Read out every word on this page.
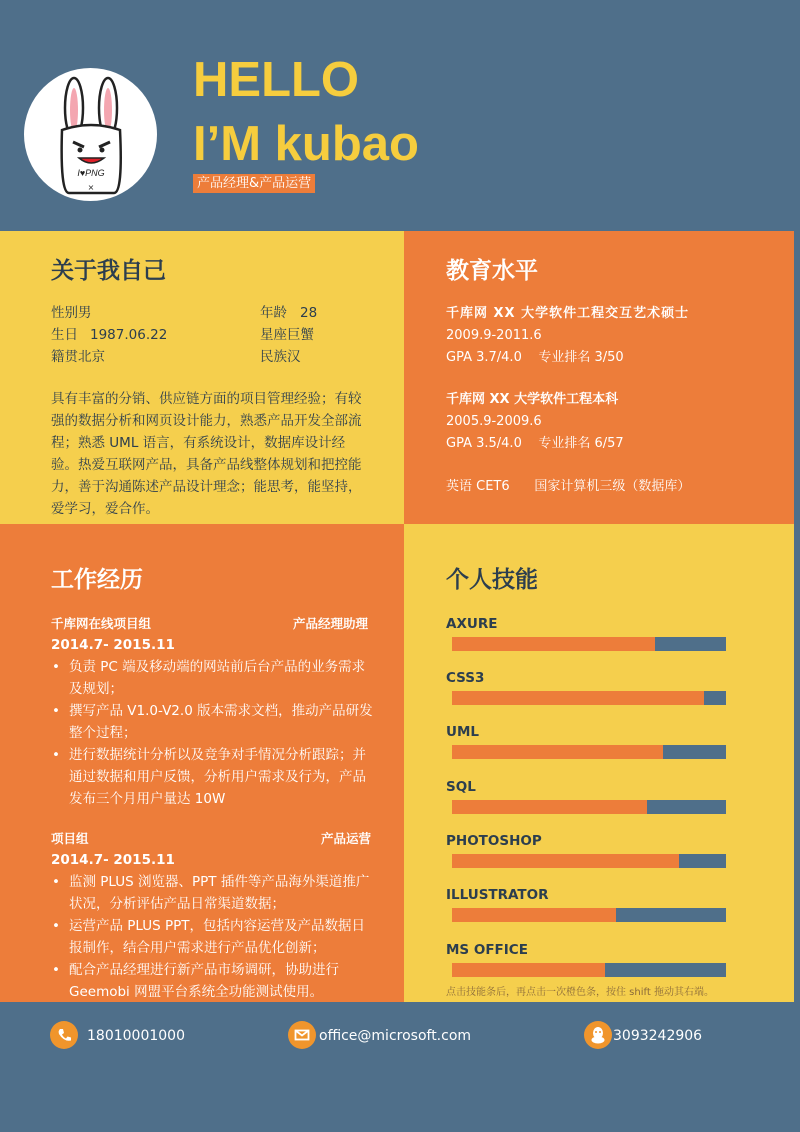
I♥PNG
×
HELLO
I’M kubao
产品经理&产品运营
关于我自己
性别男	年龄 28
生日 1987.06.22	星座巨蟹
籍贯北京	民族汉
具有丰富的分销、供应链方面的项目管理经验；有较强的数据分析和网页设计能力，熟悉产品开发全部流程；熟悉 UML 语言，有系统设计，数据库设计经验。热爱互联网产品，具备产品线整体规划和把控能力，善于沟通陈述产品设计理念；能思考，能坚持，爱学习，爱合作。
教育水平
千库网 XX 大学软件工程交互艺术硕士
2009.9-2011.6
GPA 3.7/4.0    专业排名 3/50
千库网 XX 大学软件工程本科
2005.9-2009.6
GPA 3.5/4.0    专业排名 6/57
英语 CET6      国家计算机三级（数据库）
工作经历
千库网在线项目组	产品经理助理
2014.7- 2015.11
• 负责 PC 端及移动端的网站前后台产品的业务需求及规划；
• 撰写产品 V1.0-V2.0 版本需求文档，推动产品研发整个过程；
• 进行数据统计分析以及竞争对手情况分析跟踪；并通过数据和用户反馈，分析用户需求及行为，产品发布三个月用户量达 10W
项目组	产品运营
2014.7- 2015.11
• 监测 PLUS 浏览器、PPT 插件等产品海外渠道推广状况，分析评估产品日常渠道数据；
• 运营产品 PLUS PPT，包括内容运营及产品数据日报制作，结合用户需求进行产品优化创新；
• 配合产品经理进行新产品市场调研，协助进行 Geemobi 网盟平台系统全功能测试使用。
个人技能
AXURE
CSS3
UML
SQL
PHOTOSHOP
ILLUSTRATOR
MS OFFICE
点击技能条后，再点击一次橙色条，按住 shift 拖动其右端。
18010001000	office@microsoft.com	3093242906
